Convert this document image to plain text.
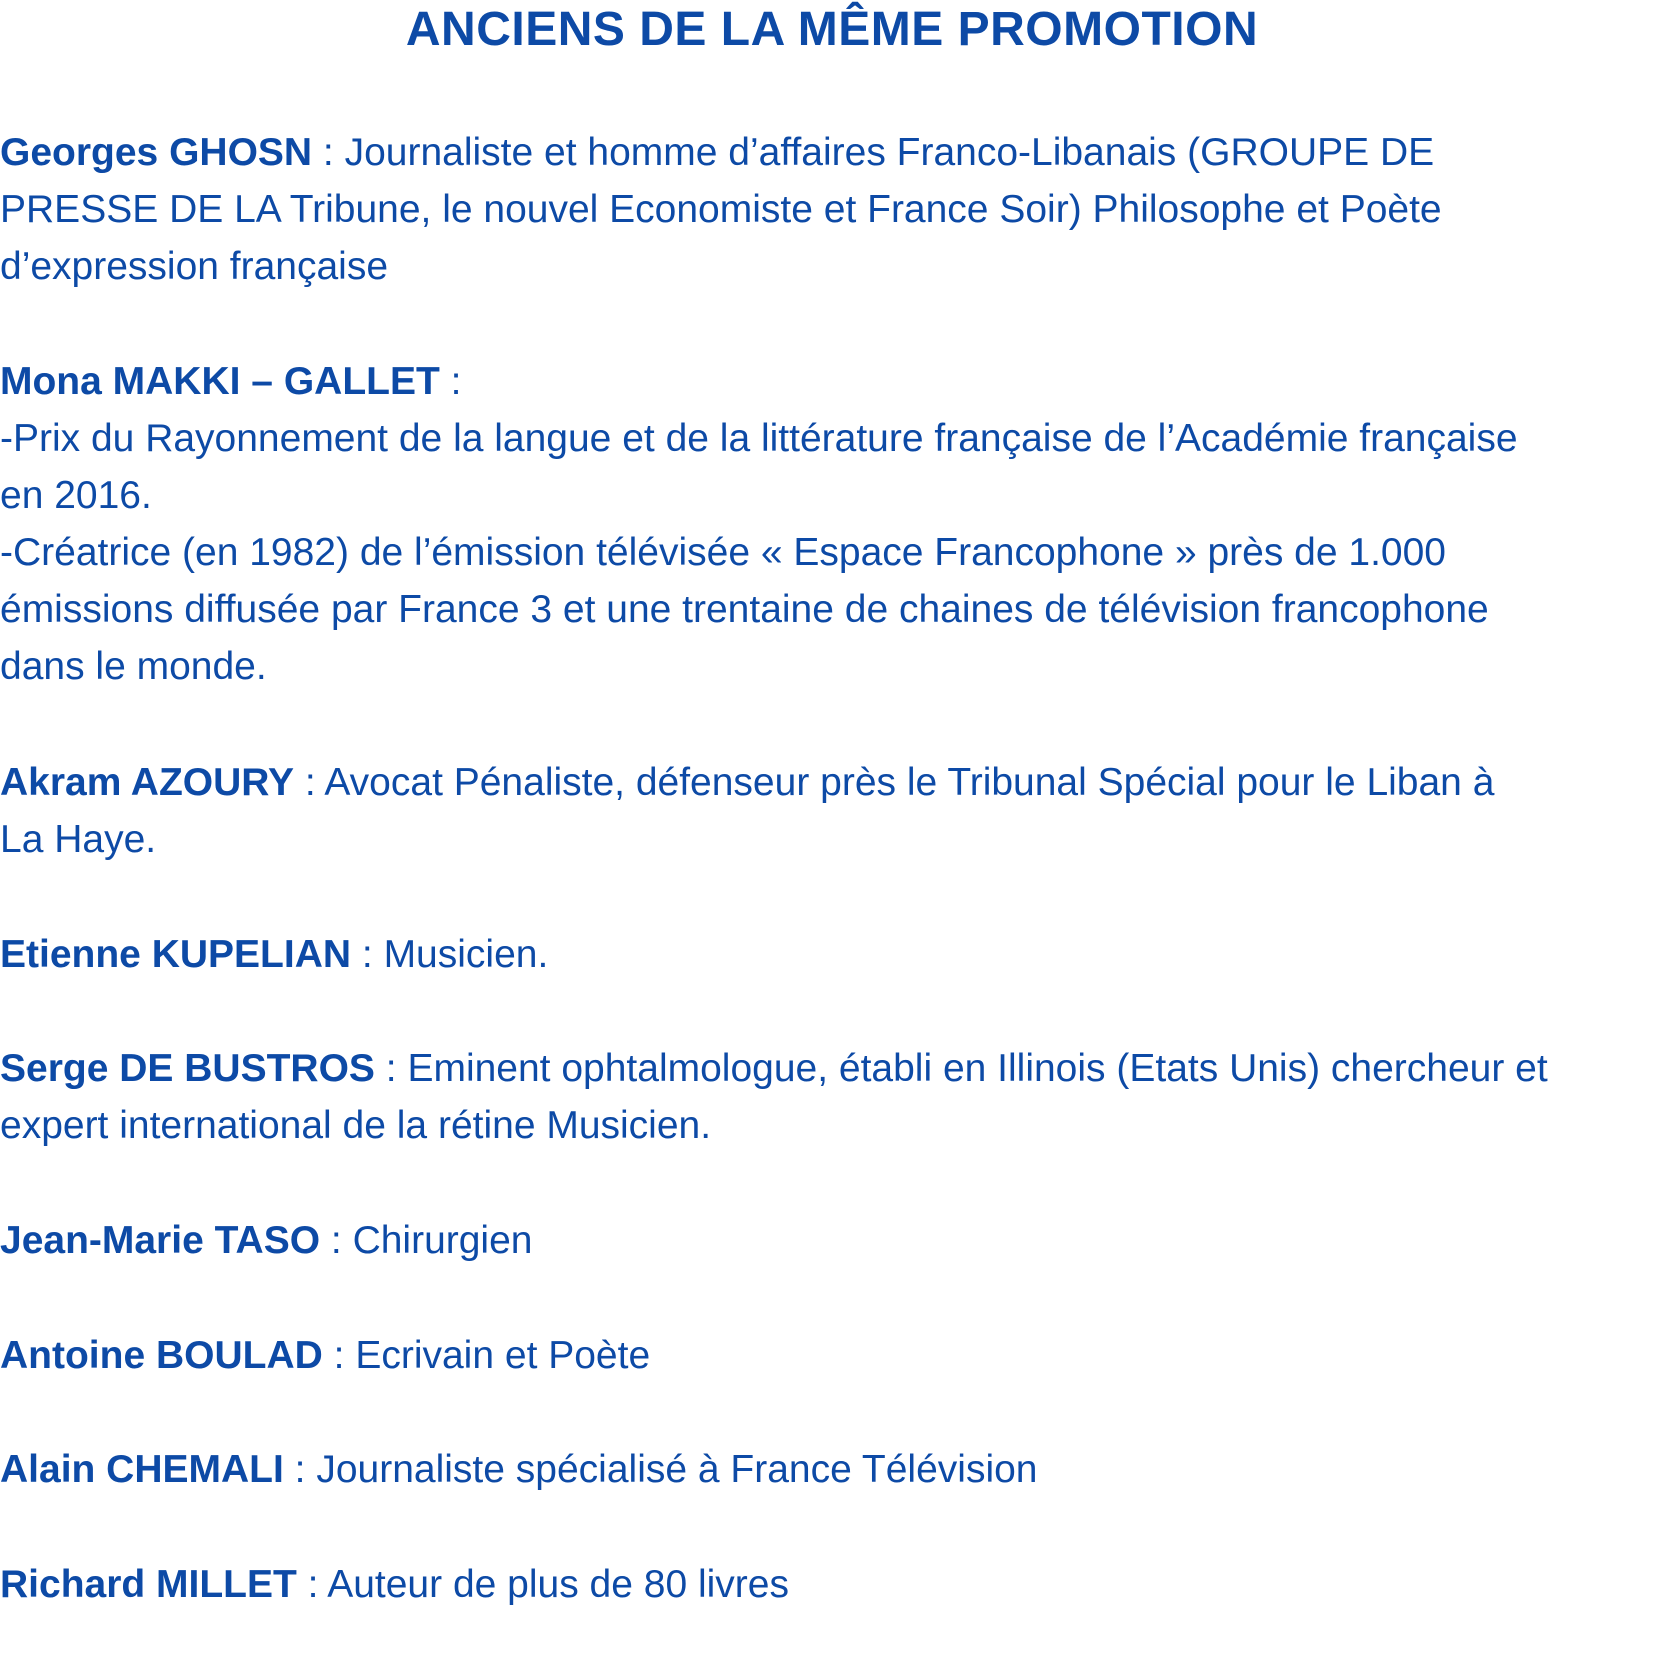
ANCIENS DE LA MÊME PROMOTION

Georges GHOSN : Journaliste et homme d’affaires Franco-Libanais (GROUPE DE

PRESSE DE LA Tribune, le nouvel Economiste et France Soir) Philosophe et Poète

d’expression française

Mona MAKKI – GALLET :

-Prix du Rayonnement de la langue et de la littérature française de l’Académie française

en 2016.

-Créatrice (en 1982) de l’émission télévisée « Espace Francophone » près de 1.000

émissions diffusée par France 3 et une trentaine de chaines de télévision francophone

dans le monde.

Akram AZOURY : Avocat Pénaliste, défenseur près le Tribunal Spécial pour le Liban à

La Haye.

Etienne KUPELIAN : Musicien.

Serge DE BUSTROS : Eminent ophtalmologue, établi en Illinois (Etats Unis) chercheur et

expert international de la rétine Musicien.

Jean-Marie TASO : Chirurgien

Antoine BOULAD : Ecrivain et Poète

Alain CHEMALI : Journaliste spécialisé à France Télévision

Richard MILLET : Auteur de plus de 80 livres
